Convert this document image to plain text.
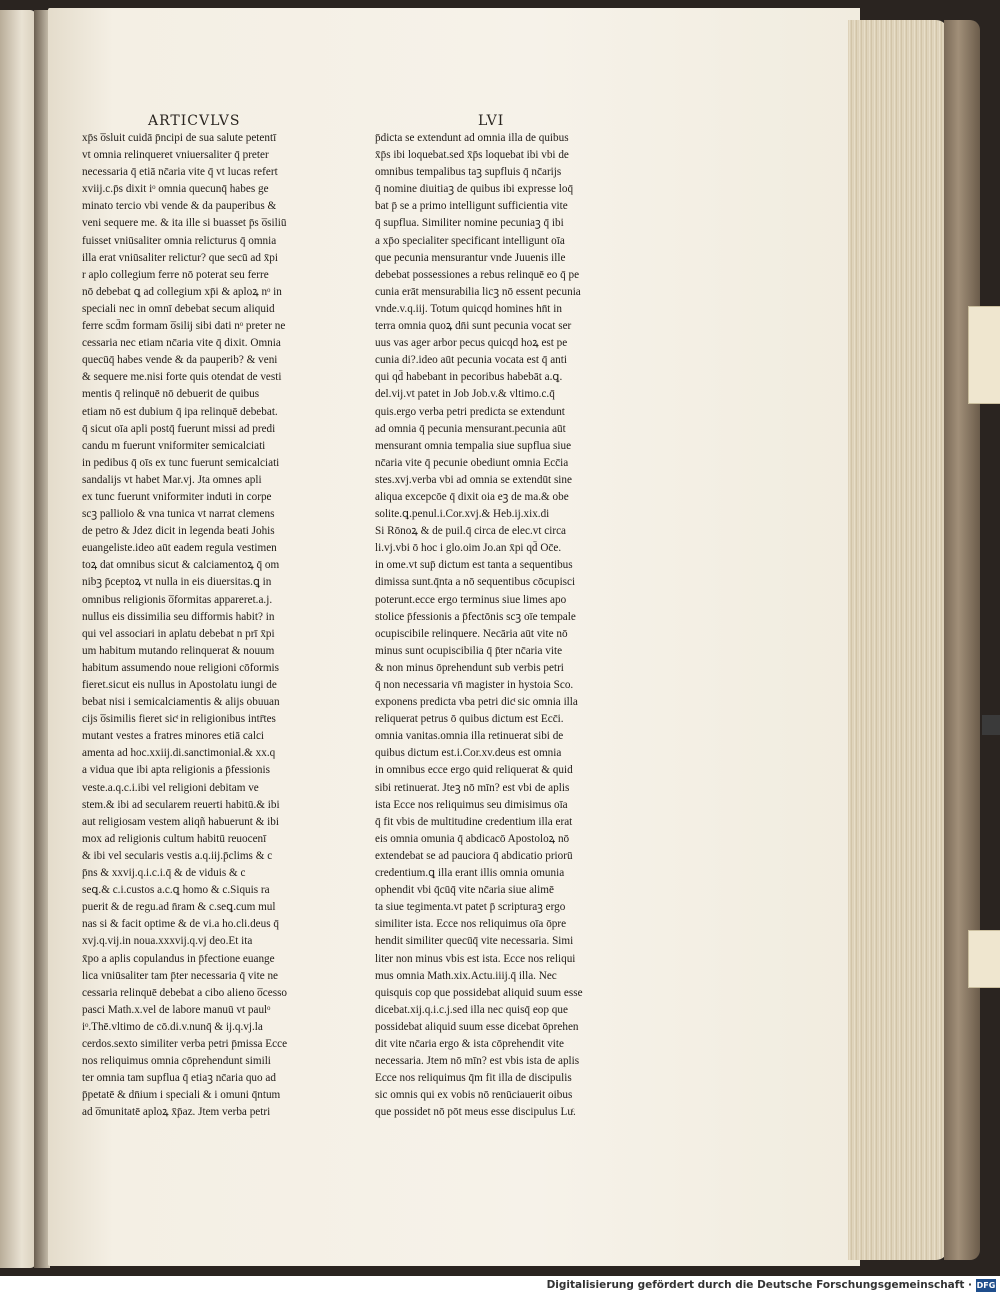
ARTICVLVS	LVI
xp̄s o̅sluit cuidā p̄ncipi de sua salute petentī
vt omnia relinqueret vniuersaliter q̄ preter
necessaria q̄ etiā nc̄aria vite q̄ vt lucas refert
xviij.c.p̄s dixit iᵒ omnia quecunq̄ habes ge
minato tercio vbi vende & da pauperibus &
veni sequere me. & ita ille si buasset p̄s o̅siliū
fuisset vniūsaliter omnia relicturus q̄ omnia
illa erat vniūsaliter relictur? que secū ad x̄pi
r aplo collegium ferre nō poterat seu ferre
nō debebat ꝗ ad collegium xp̄i & aploꝝ nᵒ in
speciali nec in omnī debebat secum aliquid
ferre scd̄m formam o̅silij sibi dati nᵒ preter ne
cessaria nec etiam nc̄aria vite q̄ dixit. Omnia
quecūq̄ habes vende & da pauperib? & veni
& sequere me.nisi forte quis otendat de vesti
mentis q̄ relinquē nō debuerit de quibus
etiam nō est dubium q̄ ipa relinquē debebat.
q̄ sicut oīa apli postq̄ fuerunt missi ad predi
candu m fuerunt vniformiter semicalciati
in pedibus q̄ oīs ex tunc fuerunt semicalciati
sandalijs vt habet Mar.vj. Jta omnes apli
ex tunc fuerunt vniformiter induti in corpe
scꝫ palliolo & vna tunica vt narrat clemens
de petro & Jdez dicit in legenda beati Johis
euangeliste.ideo aūt eadem regula vestimen
toꝝ dat omnibus sicut & calciamentoꝝ q̄ om
nibꝫ p̄ceptoꝝ vt nulla in eis diuersitas.ꝗ in
omnibus religionis o̅formitas appareret.a.j.
nullus eis dissimilia seu difformis habit? in
qui vel associari in aplatu debebat n prī x̄pi
um habitum mutando relinquerat & nouum
habitum assumendo noue religioni cōformis
fieret.sicut eis nullus in Apostolatu iungi de
bebat nisi i semicalciamentis & alijs obuuan
cijs o̅similis fieret sicͭ in religionibus intr̄tes
mutant vestes a fratres minores etiā calci
amenta ad hoc.xxiij.di.sanctimonial.& xx.q
a vidua que ibi apta religionis a p̄fessionis
veste.a.q.c.i.ibi vel religioni debitam ve
stem.& ibi ad secularem reuerti habitū.& ibi
aut religiosam vestem aliqñ habuerunt & ibi
mox ad religionis cultum habitū reuocenī
& ibi vel secularis vestis a.q.iij.p̄clims & c
p̄ns & xxvij.q.i.c.i.q̄ & de viduis & c
seꝗ.& c.i.custos a.c.ꝗ homo & c.Siquis ra
puerit & de regu.ad n̄ram & c.seꝗ.cum mul
nas si & facit optime & de vi.a ho.cli.deus q̄
xvj.q.vij.in noua.xxxvij.q.vj deo.Et ita
x̄po a aplis copulandus in p̄fectione euange
lica vniūsaliter tam p̄ter necessaria q̄ vite ne
cessaria relinquē debebat a cibo alieno o̅cesso
pasci Math.x.vel de labore manuū vt paulᵒ
iᵒ.Thē.vltimo de cō.di.v.nunq̄ & ij.q.vj.la
cerdos.sexto similiter verba petri p̄missa Ecce
nos reliquimus omnia cōprehendunt simili
ter omnia tam supflua q̄ etiaꝫ nc̄aria quo ad
p̄petatē & dn̄ium i speciali & i omuni q̄ntum
ad o̅munitatē aploꝝ x̄p̄az. Jtem verba petri
p̄dicta se extendunt ad omnia illa de quibus
x̄p̄s ibi loquebat.sed x̄p̄s loquebat ibi vbi de
omnibus tempalibus taꝫ supfluis q̄ nc̄arijs
q̄ nomine diuitiaꝫ de quibus ibi expresse loq̄
bat p̄ se a primo intelligunt sufficientia vite
q̄ supflua. Similiter nomine pecuniaꝫ q̄ ibi
a xp̄o specialiter specificant intelligunt oīa
que pecunia mensurantur vnde Juuenis ille
debebat possessiones a rebus relinquē eo q̄ pe
cunia erāt mensurabilia licꝫ nō essent pecunia
vnde.v.q.iij. Totum quicqd homines hn̄t in
terra omnia quoꝝ dn̄i sunt pecunia vocat ser
uus vas ager arbor pecus quicqd hoꝝ est pe
cunia di?.ideo aūt pecunia vocata est q̄ anti
qui qd̄ habebant in pecoribus habebāt a.ꝗ.
del.vij.vt patet in Job Job.v.& vltimo.c.q̄
quis.ergo verba petri predicta se extendunt
ad omnia q̄ pecunia mensurant.pecunia aūt
mensurant omnia tempalia siue supflua siue
nc̄aria vite q̄ pecunie obediunt omnia Ecc̄ia
stes.xvj.verba vbi ad omnia se extendūt sine
aliqua excepcōe q̄ dixit oia eꝫ de ma.& obe
solite.ꝗ.penul.i.Cor.xvj.& Heb.ij.xix.di
Si Rōnoꝝ & de puil.q̄ circa de elec.vt circa
li.vj.vbi ō hoc i glo.oim Jo.an x̄pi qd̄ Oc̄e.
in ome.vt sup̄ dictum est tanta a sequentibus
dimissa sunt.q̄nta a nō sequentibus cōcupisci
poterunt.ecce ergo terminus siue limes apo
stolice p̄fessionis a p̄fectōnis scꝫ oīe tempale
ocupiscibile relinquere. Necāria aūt vite nō
minus sunt ocupiscibilia q̄ p̄ter nc̄aria vite
& non minus ōprehendunt sub verbis petri
q̄ non necessaria vn̄ magister in hystoia Sco.
exponens predicta vba petri dicͭ sic omnia illa
reliquerat petrus ō quibus dictum est Ecc̄i.
omnia vanitas.omnia illa retinuerat sibi de
quibus dictum est.i.Cor.xv.deus est omnia
in omnibus ecce ergo quid reliquerat & quid
sibi retinuerat. Jteꝫ nō mīn? est vbi de aplis
ista Ecce nos reliquimus seu dimisimus oīa
q̄ fit vbis de multitudine credentium illa erat
eis omnia omunia q̄ abdicacō Apostoloꝝ nō
extendebat se ad pauciora q̄ abdicatio priorū
credentium.ꝗ illa erant illis omnia omunia
ophendit vbi q̄cūq̄ vite nc̄aria siue alimē
ta siue tegimenta.vt patet p̄ scripturaꝫ ergo
similiter ista. Ecce nos reliquimus oīa ōpre
hendit similiter quecūq̄ vite necessaria. Simi
liter non minus vbis est ista. Ecce nos reliqui
mus omnia Math.xix.Actu.iiij.q̄ illa. Nec
quisquis cop que possidebat aliquid suum esse
dicebat.xij.q.i.c.j.sed illa nec quisq̄ eop que
possidebat aliquid suum esse dicebat ōprehen
dit vite nc̄aria ergo & ista cōprehendit vite
necessaria. Jtem nō mīn? est vbis ista de aplis
Ecce nos reliquimus q̄m fit illa de discipulis
sic omnis qui ex vobis nō renūciauerit oibus
que possidet nō pōt meus esse discipulus Luͨ.
Digitalisierung gefördert durch die Deutsche Forschungsgemeinschaft · DFG
